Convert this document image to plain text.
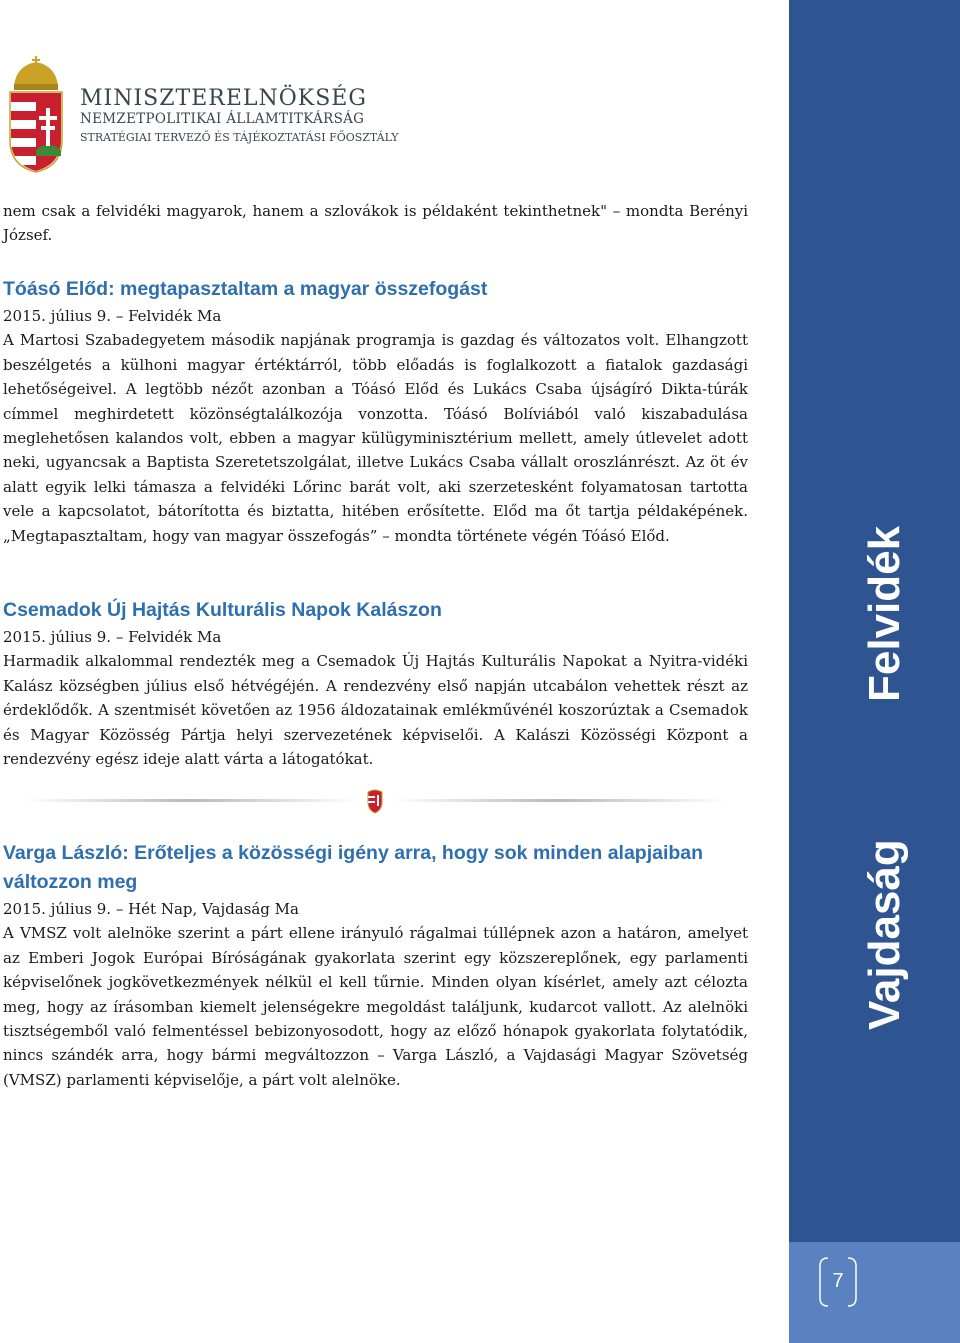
Felvidék
Vajdaság
7
MINISZTERELNÖKSÉG
NEMZETPOLITIKAI ÁLLAMTITKÁRSÁG
STRATÉGIAI TERVEZŐ ÉS TÁJÉKOZTATÁSI FŐOSZTÁLY

nem csak a felvidéki magyarok, hanem a szlovákok is példaként tekinthetnek" – mondta Berényi József.

Tóásó Előd: megtapasztaltam a magyar összefogást

2015. július 9. – Felvidék Ma

A Martosi Szabadegyetem második napjának programja is gazdag és változatos volt. Elhangzott beszélgetés a külhoni magyar értéktárról, több előadás is foglalkozott a fiatalok gazdasági lehetőségeivel. A legtöbb nézőt azonban a Tóásó Előd és Lukács Csaba újságíró Dikta-túrák címmel meghirdetett közönségtalálkozója vonzotta. Tóásó Bolíviából való kiszabadulása meglehetősen kalandos volt, ebben a magyar külügyminisztérium mellett, amely útlevelet adott neki, ugyancsak a Baptista Szeretetszolgálat, illetve Lukács Csaba vállalt oroszlánrészt. Az öt év alatt egyik lelki támasza a felvidéki Lőrinc barát volt, aki szerzetesként folyamatosan tartotta vele a kapcsolatot, bátorította és biztatta, hitében erősítette. Előd ma őt tartja példaképének. „Megtapasztaltam, hogy van magyar összefogás” – mondta története végén Tóásó Előd.

Csemadok Új Hajtás Kulturális Napok Kalászon

2015. július 9. – Felvidék Ma

Harmadik alkalommal rendezték meg a Csemadok Új Hajtás Kulturális Napokat a Nyitra-vidéki Kalász községben július első hétvégéjén. A rendezvény első napján utcabálon vehettek részt az érdeklődők. A szentmisét követően az 1956 áldozatainak emlékművénél koszorúztak a Csemadok és Magyar Közösség Pártja helyi szervezetének képviselői. A Kalászi Közösségi Központ a rendezvény egész ideje alatt várta a látogatókat.

Varga László: Erőteljes a közösségi igény arra, hogy sok minden alapjaiban változzon meg

2015. július 9. – Hét Nap, Vajdaság Ma

A VMSZ volt alelnöke szerint a párt ellene irányuló rágalmai túllépnek azon a határon, amelyet az Emberi Jogok Európai Bíróságának gyakorlata szerint egy közszereplőnek, egy parlamenti képviselőnek jogkövetkezmények nélkül el kell tűrnie. Minden olyan kísérlet, amely azt célozta meg, hogy az írásomban kiemelt jelenségekre megoldást találjunk, kudarcot vallott. Az alelnöki tisztségemből való felmentéssel bebizonyosodott, hogy az előző hónapok gyakorlata folytatódik, nincs szándék arra, hogy bármi megváltozzon – Varga László, a Vajdasági Magyar Szövetség (VMSZ) parlamenti képviselője, a párt volt alelnöke.
